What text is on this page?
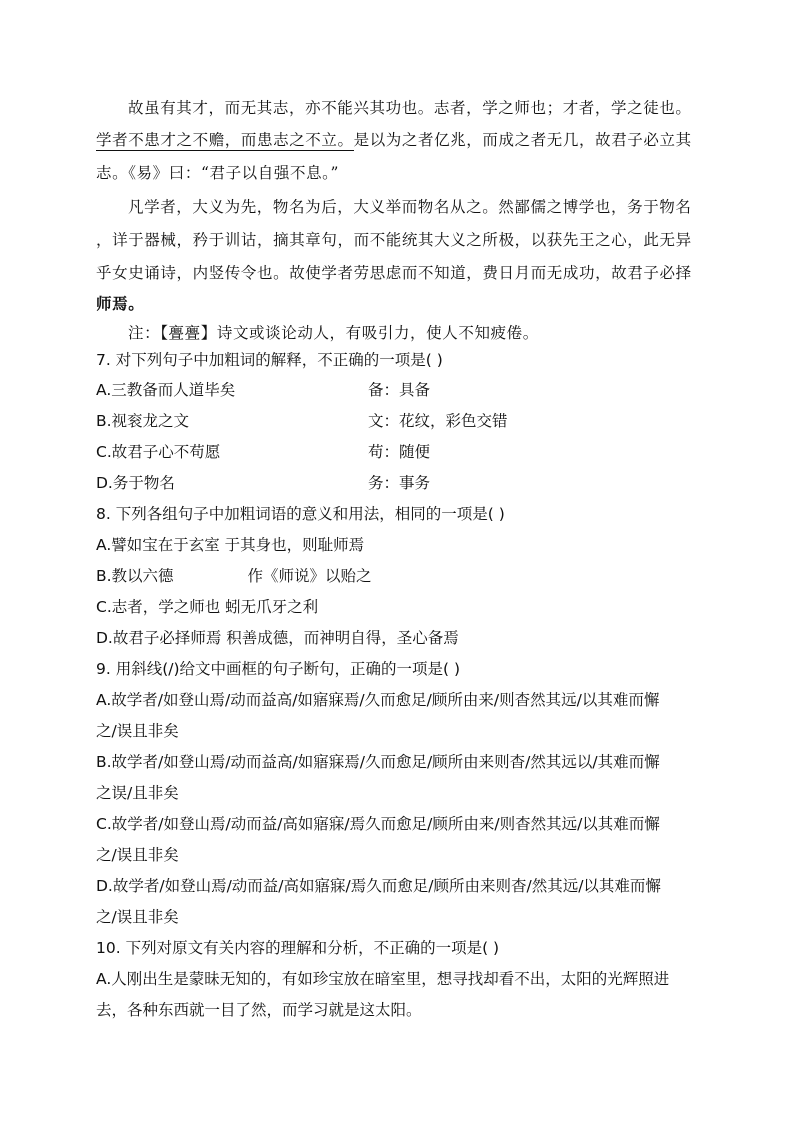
故虽有其才，而无其志，亦不能兴其功也。志者，学之师也；才者，学之徒也。
学者不患才之不赡，而患志之不立。是以为之者亿兆，而成之者无几，故君子必立其
志。《易》曰：“君子以自强不息。”
凡学者，大义为先，物名为后，大义举而物名从之。然鄙儒之博学也，务于物名
，详于器械，矜于训诂，摘其章句，而不能统其大义之所极，以获先王之心，此无异
乎女史诵诗，内竖传令也。故使学者劳思虑而不知道，费日月而无成功，故君子必择
师焉。
注：【亹亹】诗文或谈论动人，有吸引力，使人不知疲倦。
7. 对下列句子中加粗词的解释，不正确的一项是( )
A.三教备而人道毕矣	备：具备
B.视衮龙之文	文：花纹，彩色交错
C.故君子心不苟愿	苟：随便
D.务于物名	务：事务
8. 下列各组句子中加粗词语的意义和用法，相同的一项是( )
A.譬如宝在于玄室 于其身也，则耻师焉
B.教以六德               作《师说》以贻之
C.志者，学之师也 蚓无爪牙之利
D.故君子必择师焉 积善成德，而神明自得，圣心备焉
9. 用斜线(/)给文中画框的句子断句，正确的一项是( )
A.故学者/如登山焉/动而益高/如寤寐焉/久而愈足/顾所由来/则杳然其远/以其难而懈
之/误且非矣
B.故学者/如登山焉/动而益高/如寤寐焉/久而愈足/顾所由来则杳/然其远以/其难而懈
之误/且非矣
C.故学者/如登山焉/动而益/高如寤寐/焉久而愈足/顾所由来/则杳然其远/以其难而懈
之/误且非矣
D.故学者/如登山焉/动而益/高如寤寐/焉久而愈足/顾所由来则杳/然其远/以其难而懈
之/误且非矣
10. 下列对原文有关内容的理解和分析，不正确的一项是( )
A.人刚出生是蒙昧无知的，有如珍宝放在暗室里，想寻找却看不出，太阳的光辉照进
去，各种东西就一目了然，而学习就是这太阳。
